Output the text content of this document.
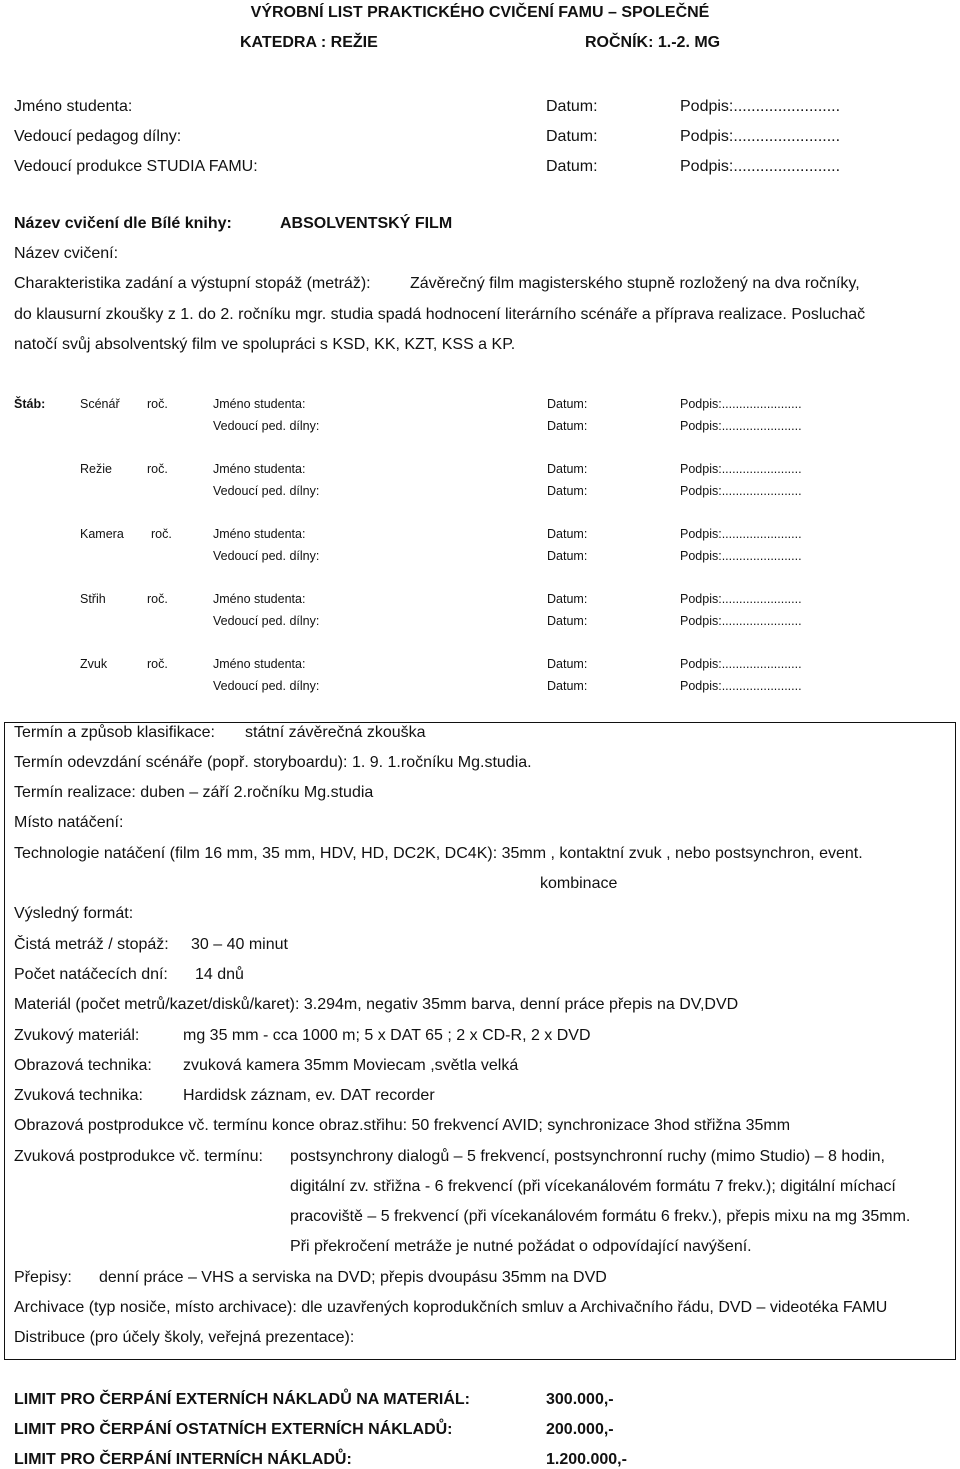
VÝROBNÍ LIST PRAKTICKÉHO CVIČENÍ FAMU – SPOLEČNÉ
KATEDRA : REŽIE	ROČNÍK: 1.-2. MG
Jméno studenta:	Datum:	Podpis:........................
Vedoucí pedagog dílny:	Datum:	Podpis:........................
Vedoucí produkce STUDIA FAMU:	Datum:	Podpis:........................
Název cvičení dle Bílé knihy:	ABSOLVENTSKÝ FILM
Název cvičení:
Charakteristika zadání a výstupní stopáž (metráž): Závěrečný film magisterského stupně rozložený na dva ročníky,
do klausurní zkoušky z 1. do 2. ročníku mgr. studia spadá hodnocení literárního scénáře a příprava realizace. Posluchač
natočí svůj absolventský film ve spolupráci s KSD, KK, KZT, KSS a KP.
Štáb:	Scénář roč.	Jméno studenta:	Datum:	Podpis:.......................
Vedoucí ped. dílny:	Datum:	Podpis:.......................
Režie	roč.	Jméno studenta:	Datum:	Podpis:.......................
Vedoucí ped. dílny:	Datum:	Podpis:.......................
Kamera roč.	Jméno studenta:	Datum:	Podpis:.......................
Vedoucí ped. dílny:	Datum:	Podpis:.......................
Střih	roč.	Jméno studenta:	Datum:	Podpis:.......................
Vedoucí ped. dílny:	Datum:	Podpis:.......................
Zvuk	roč.	Jméno studenta:	Datum:	Podpis:.......................
Vedoucí ped. dílny:	Datum:	Podpis:.......................
Termín a způsob klasifikace: státní závěrečná zkouška
Termín odevzdání scénáře (popř. storyboardu): 1. 9. 1.ročníku Mg.studia.
Termín realizace: duben – září 2.ročníku Mg.studia
Místo natáčení:
Technologie natáčení (film 16 mm, 35 mm, HDV, HD, DC2K, DC4K): 35mm , kontaktní zvuk , nebo postsynchron, event.
kombinace
Výsledný formát:
Čistá metráž / stopáž: 30 – 40 minut
Počet natáčecích dní: 14 dnů
Materiál (počet metrů/kazet/disků/karet): 3.294m, negativ 35mm barva, denní práce přepis na DV,DVD
Zvukový materiál:	mg 35 mm - cca 1000 m; 5 x DAT 65 ; 2 x CD-R, 2 x DVD
Obrazová technika: zvuková kamera 35mm Moviecam ,světla velká
Zvuková technika:	Hardidsk záznam, ev. DAT recorder
Obrazová postprodukce vč. termínu konce obraz.střihu: 50 frekvencí AVID; synchronizace 3hod střižna 35mm
Zvuková postprodukce vč. termínu: postsynchrony dialogů – 5 frekvencí, postsynchronní ruchy (mimo Studio) – 8 hodin,
digitální zv. střižna - 6 frekvencí (při vícekanálovém formátu 7 frekv.); digitální míchací
pracoviště – 5 frekvencí (při vícekanálovém formátu 6 frekv.), přepis mixu na mg 35mm.
Při překročení metráže je nutné požádat o odpovídající navýšení.
Přepisy: denní práce – VHS a serviska na DVD; přepis dvoupásu 35mm na DVD
Archivace (typ nosiče, místo archivace): dle uzavřených koprodukčních smluv a Archivačního řádu, DVD – videotéka FAMU
Distribuce (pro účely školy, veřejná prezentace):
LIMIT PRO ČERPÁNÍ EXTERNÍCH NÁKLADŮ NA MATERIÁL:	300.000,-
LIMIT PRO ČERPÁNÍ OSTATNÍCH EXTERNÍCH NÁKLADŮ:	200.000,-
LIMIT PRO ČERPÁNÍ INTERNÍCH NÁKLADŮ:	1.200.000,-
